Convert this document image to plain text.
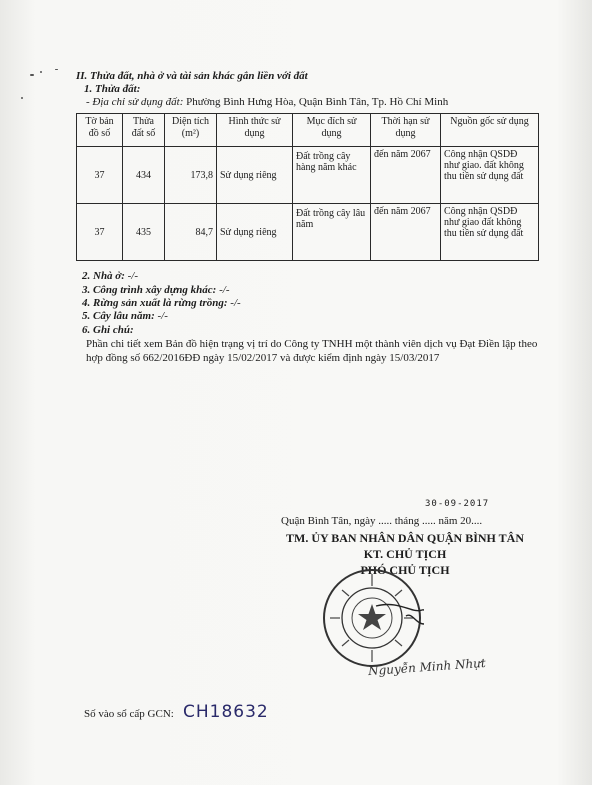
II. Thửa đất, nhà ở và tài sản khác gắn liền với đất
1. Thửa đất:
- Địa chỉ sử dụng đất: Phường Bình Hưng Hòa, Quận Bình Tân, Tp. Hồ Chí Minh
Tờ bản đồ số	Thửa đất số	Diện tích (m²)	Hình thức sử dụng	Mục đích sử dụng	Thời hạn sử dụng	Nguồn gốc sử dụng
37	434	173,8	Sử dụng riêng	Đất trồng cây hàng năm khác	đến năm 2067	Công nhận QSDĐ như giao. đất không thu tiền sử dụng đất
37	435	84,7	Sử dụng riêng	Đất trồng cây lâu năm	đến năm 2067	Công nhận QSDĐ như giao đất không thu tiền sử dụng đất
2. Nhà ở: -/-
3. Công trình xây dựng khác: -/-
4. Rừng sản xuất là rừng trồng: -/-
5. Cây lâu năm: -/-
6. Ghi chú:
Phần chi tiết xem Bản đồ hiện trạng vị trí do Công ty TNHH một thành viên dịch vụ Đạt Điền lập theo hợp đồng số 662/2016ĐĐ ngày 15/02/2017 và được kiểm định ngày 15/03/2017
30-09-2017
Quận Bình Tân, ngày ..... tháng ..... năm 20....
TM. ỦY BAN NHÂN DÂN QUẬN BÌNH TÂN
KT. CHỦ TỊCH
PHÓ CHỦ TỊCH
Nguyễn Minh Nhựt
Số vào sổ cấp GCN: CH18632
